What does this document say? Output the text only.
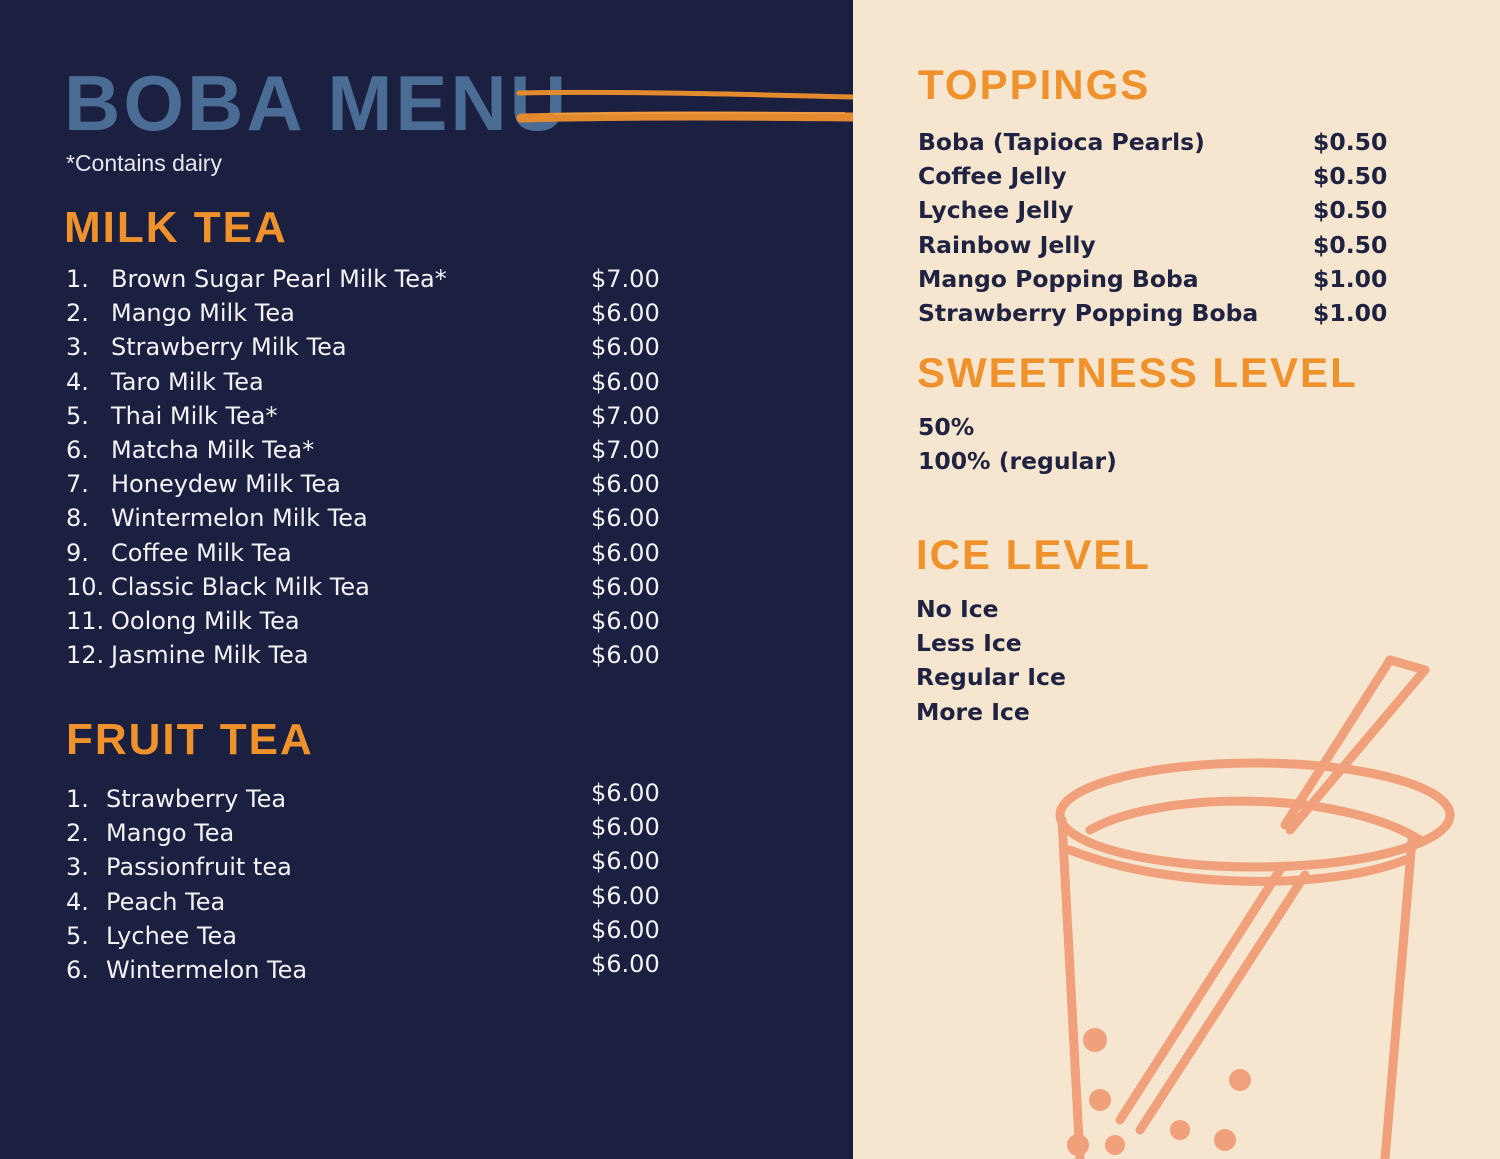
BOBA MENU
*Contains dairy
MILK TEA
1. Brown Sugar Pearl Milk Tea*	$7.00
2. Mango Milk Tea	$6.00
3. Strawberry Milk Tea	$6.00
4. Taro Milk Tea	$6.00
5. Thai Milk Tea*	$7.00
6. Matcha Milk Tea*	$7.00
7. Honeydew Milk Tea	$6.00
8. Wintermelon Milk Tea	$6.00
9. Coffee Milk Tea	$6.00
10. Classic Black Milk Tea	$6.00
11. Oolong Milk Tea	$6.00
12. Jasmine Milk Tea	$6.00
FRUIT TEA
1. Strawberry Tea	$6.00
2. Mango Tea	$6.00
3. Passionfruit tea	$6.00
4. Peach Tea	$6.00
5. Lychee Tea	$6.00
6. Wintermelon Tea	$6.00
TOPPINGS
Boba (Tapioca Pearls)	$0.50
Coffee Jelly	$0.50
Lychee Jelly	$0.50
Rainbow Jelly	$0.50
Mango Popping Boba	$1.00
Strawberry Popping Boba $1.00
SWEETNESS LEVEL
50%
100% (regular)
ICE LEVEL
No Ice
Less Ice
Regular Ice
More Ice
